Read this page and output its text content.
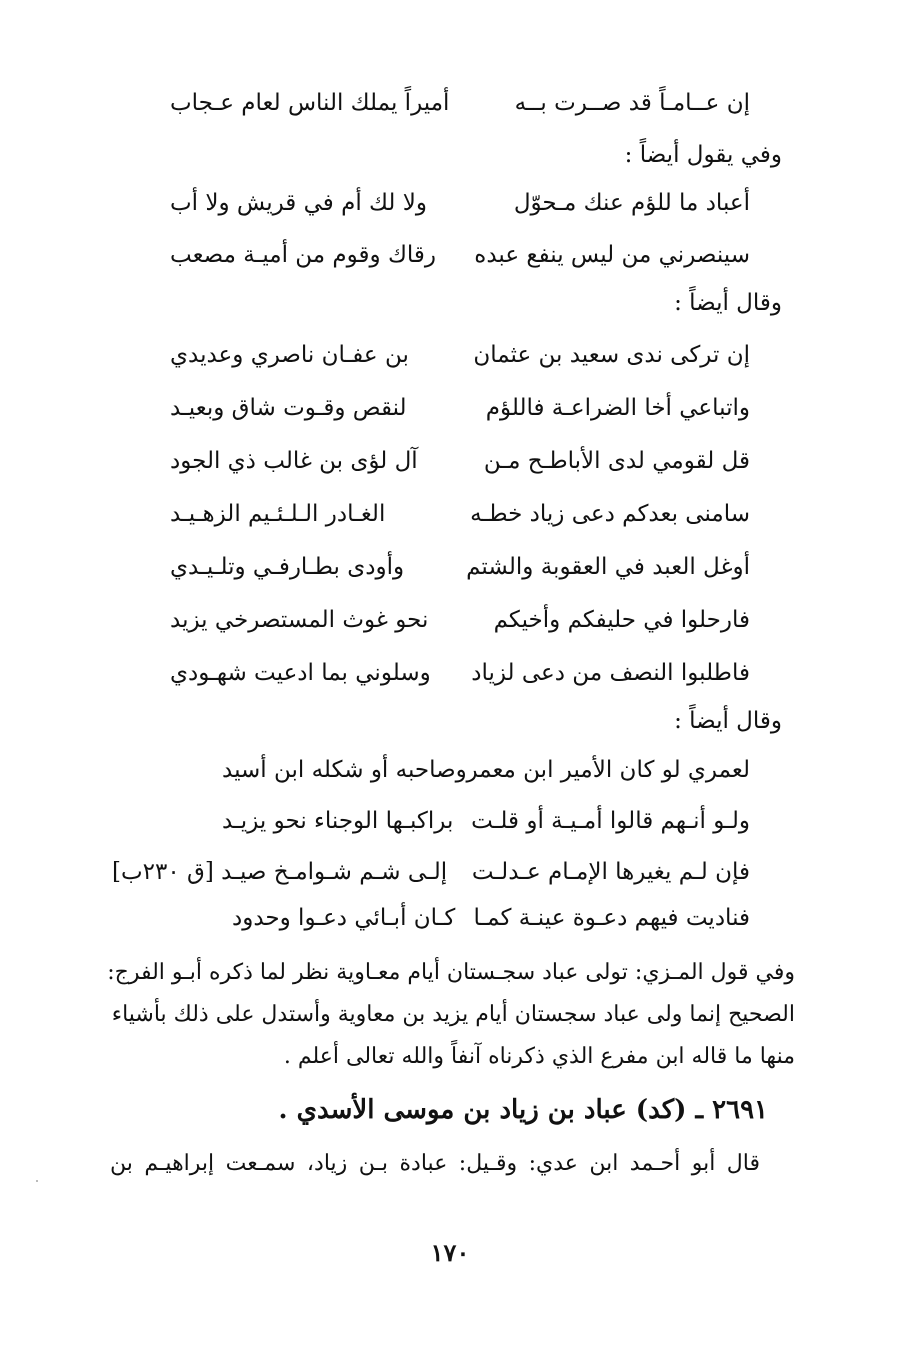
إن عــامـاً قد صــرت بــه
أميراً يملك الناس لعام عـجاب
وفي يقول أيضاً :
أعباد ما للؤم عنك مـحوّل
ولا لك أم في قريش ولا أب
سينصرني من ليس ينفع عبده
رقاك وقوم من أميـة مصعب
وقال أيضاً :
إن تركى ندى سعيد بن عثمان
بن عفـان ناصري وعديدي
واتباعي أخا الضراعـة فاللؤم
لنقص وقـوت شاق وبعيـد
قل لقومي لدى الأباطـح مـن
آل لؤى بن غالب ذي الجود
سامنى بعدكم دعى زياد خطـه
الغـادر الـلـئـيم الزهـيـد
أوغل العبد في العقوبة والشتم
وأودى بطـارفـي وتلـيـدي
فارحلوا في حليفكم وأخيكم
نحو غوث المستصرخي يزيد
فاطلبوا النصف من دعى لزياد
وسلوني بما ادعيت شهـودي
وقال أيضاً :
لعمري لو كان الأمير ابن معمر
وصاحبه أو شكله ابن أسيد
ولـو أنـهم قالوا أمـيـة أو قلـت
براكبـها الوجناء نحو يزيـد
فإن لـم يغيرها الإمـام عـدلـت
إلـى شـم شـوامـخ صيـد [ق ٢٣٠ب]
فناديت فيهم دعـوة عينـة كمـا
كـان أبـائي دعـوا وحدود
وفي قول المـزي: تولى عباد سجـستان أيام معـاوية نظر لما ذكره أبـو الفرج:
الصحيح إنما ولى عباد سجستان أيام يزيد بن معاوية وأستدل على ذلك بأشياء
منها ما قاله ابن مفرع الذي ذكرناه آنفاً والله تعالى أعلم .
٢٦٩١ ـ (كد) عباد بن زياد بن موسى الأسدي .
قال أبو أحـمد ابن عدي: وقـيل: عبادة بـن زياد، سمـعت إبراهيـم بن
١٧٠
